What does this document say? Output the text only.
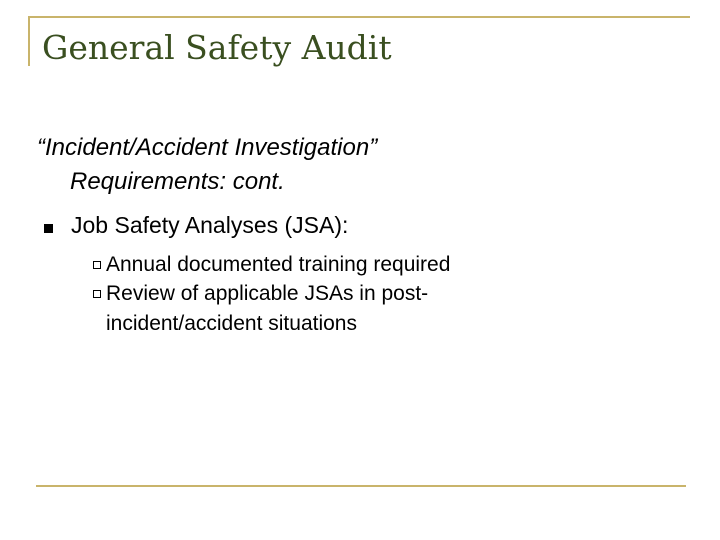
General Safety Audit

“Incident/Accident Investigation”
Requirements: cont.

Job Safety Analyses (JSA):
Annual documented training required
Review of applicable JSAs in post-incident/accident situations
